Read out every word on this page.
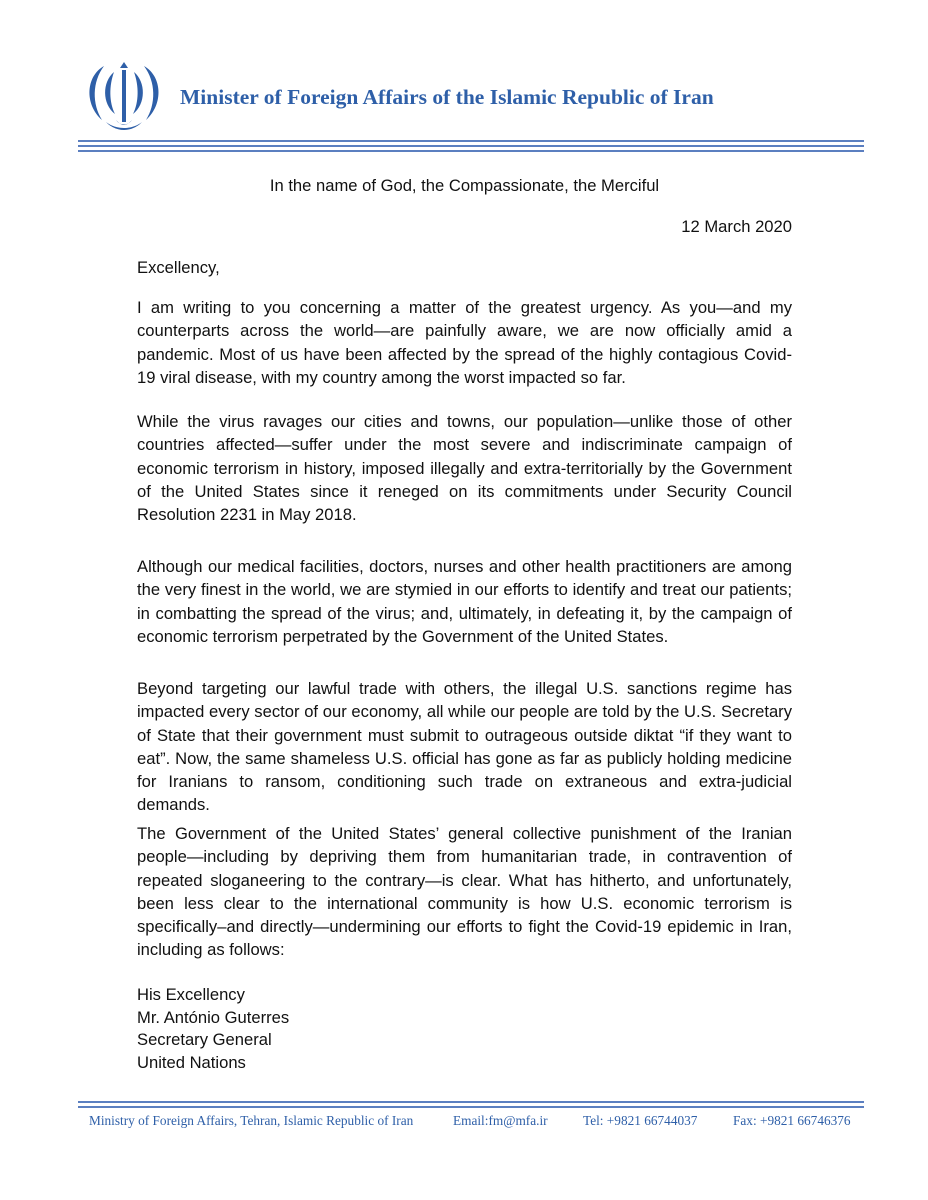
Minister of Foreign Affairs of the Islamic Republic of Iran
In the name of God, the Compassionate, the Merciful
12 March 2020
Excellency,

I am writing to you concerning a matter of the greatest urgency. As you—and my counterparts across the world—are painfully aware, we are now officially amid a pandemic. Most of us have been affected by the spread of the highly contagious Covid-19 viral disease, with my country among the worst impacted so far.

While the virus ravages our cities and towns, our population—unlike those of other countries affected—suffer under the most severe and indiscriminate campaign of economic terrorism in history, imposed illegally and extra-territorially by the Government of the United States since it reneged on its commitments under Security Council Resolution 2231 in May 2018.

Although our medical facilities, doctors, nurses and other health practitioners are among the very finest in the world, we are stymied in our efforts to identify and treat our patients; in combatting the spread of the virus; and, ultimately, in defeating it, by the campaign of economic terrorism perpetrated by the Government of the United States.

Beyond targeting our lawful trade with others, the illegal U.S. sanctions regime has impacted every sector of our economy, all while our people are told by the U.S. Secretary of State that their government must submit to outrageous outside diktat “if they want to eat”. Now, the same shameless U.S. official has gone as far as publicly holding medicine for Iranians to ransom, conditioning such trade on extraneous and extra-judicial demands.

The Government of the United States’ general collective punishment of the Iranian people—including by depriving them from humanitarian trade, in contravention of repeated sloganeering to the contrary—is clear. What has hitherto, and unfortunately, been less clear to the international community is how U.S. economic terrorism is specifically–and directly—undermining our efforts to fight the Covid-19 epidemic in Iran, including as follows:

His Excellency
Mr. António Guterres
Secretary General
United Nations
Ministry of Foreign Affairs, Tehran, Islamic Republic of Iran	Email:fm@mfa.ir	Tel: +9821 66744037	Fax: +9821 66746376
